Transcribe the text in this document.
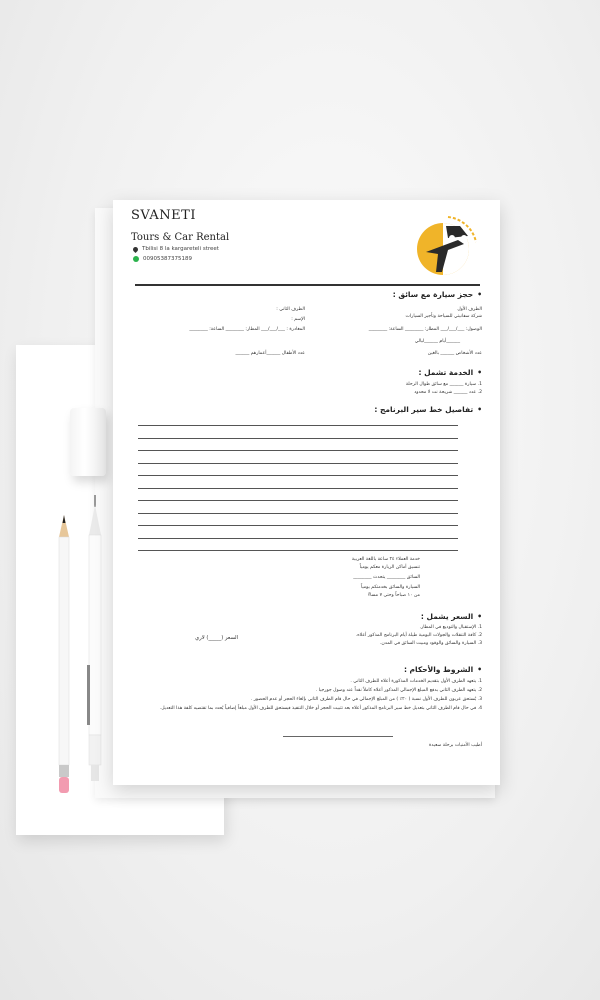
SVANETI
Tours & Car Rental
Tbilisi 8 la kargareteli street
00905387375189
• حجز سيارة مع سائق :
الطرف الأول
شركة سفانيتي للسياحة وتأجير السيارات
الطرف الثاني :
الإسم :
الوصول: ___/___/___ المطار: ________ الساعة: ________
المغادرة : ___/___/___ المطار: ________ الساعة: ________
______أيام ______ليالي
عدد الأشخاص ______ بالغين
عدد الأطفال ______أعمارهم ______
• الخدمة تشمل :
1. سيارة ______ مع سائق طوال الرحلة
2. عدد ______ شريحة نت لا محدود
• تفاصيل خط سير البرنامج :
خدمة العملاء ٢٤ ساعة باللغة العربية
تنسيق أماكن الزيارة معكم يومياً
السائق ________ يتحدث ________
السيارة والسائق بخدمتكم يومياً
من ١٠ صباحاً وحتى ٧ مساءً
• السعر يشمل :
1. الإستقبال والتوديع في المطار.
2. كافة التنقلات والجولات اليومية طيلة أيام البرنامج المذكور أعلاه.
3. السيارة والسائق والوقود ومبيت السائق في المدن.
السعر (_____) لاري
• الشروط والأحكام :
1. يتعهد الطرف الأول بتقديم الخدمات المذكورة أعلاه للطرف الثاني .
2. يتعهد الطرف الثاني بدفع المبلغ الإجمالي المذكور أعلاه كاملاً نقداً عند وصول جورجيا .
3. يُستحق عربون للطرف الأول نسبة ( ٢٠٪ ) من المبلغ الإجمالي في حال قام الطرف الثاني بإلغاء الحجز أو عدم الحضور .
4. في حال قام الطرف الثاني بتعديل خط سير البرنامج المذكور أعلاه بعد تثبيت الحجز أو خلال التنفيذ فيستحق للطرف الأول مبلغاً إضافياً يُحدد بما تقتضيه كلفة هذا التعديل.
أطيب الأمنيات برحلة سعيدة
